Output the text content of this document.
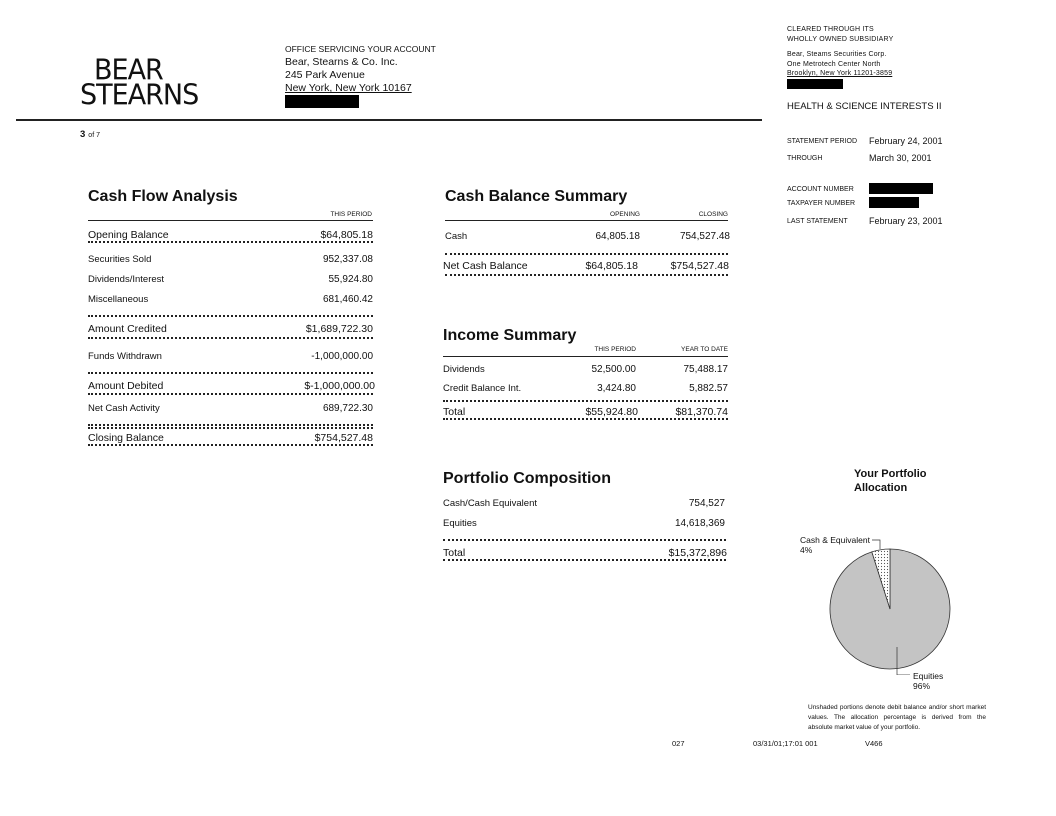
BEAR
STEARNS
OFFICE SERVICING YOUR ACCOUNT
Bear, Stearns & Co. Inc.
245 Park Avenue
New York, New York 10167
CLEARED THROUGH ITS
WHOLLY OWNED SUBSIDIARY
Bear, Steams Securities Corp.
One Metrotech Center North
Brooklyn, New York 11201-3859
HEALTH & SCIENCE INTERESTS II
3 of 7
STATEMENT PERIOD February 24, 2001
THROUGH	March 30, 2001
ACCOUNT NUMBER
TAXPAYER NUMBER
LAST STATEMENT February 23, 2001
Cash Flow Analysis
THIS PERIOD
Opening Balance	$64,805.18
Securities Sold	952,337.08
Dividends/Interest	55,924.80
Miscellaneous	681,460.42
Amount Credited	$1,689,722.30
Funds Withdrawn	-1,000,000.00
Amount Debited	$-1,000,000.00
Net Cash Activity	689,722.30
Closing Balance	$754,527.48
Cash Balance Summary
OPENING	CLOSING
Cash	64,805.18	754,527.48
Net Cash Balance	$64,805.18	$754,527.48
Income Summary
THIS PERIOD	YEAR TO DATE
Dividends	52,500.00	75,488.17
Credit Balance Int.	3,424.80	5,882.57
Total	$55,924.80	$81,370.74
Portfolio Composition
Cash/Cash Equivalent	754,527
Equities	14,618,369
Total	$15,372,896
Your Portfolio
Allocation
Cash & Equivalent
4%
Equities
96%
Unshaded portions denote debit balance and/or short market values. The allocation percentage is derived from the absolute market value of your portfolio.
027	03/31/01;17:01 001	V466
